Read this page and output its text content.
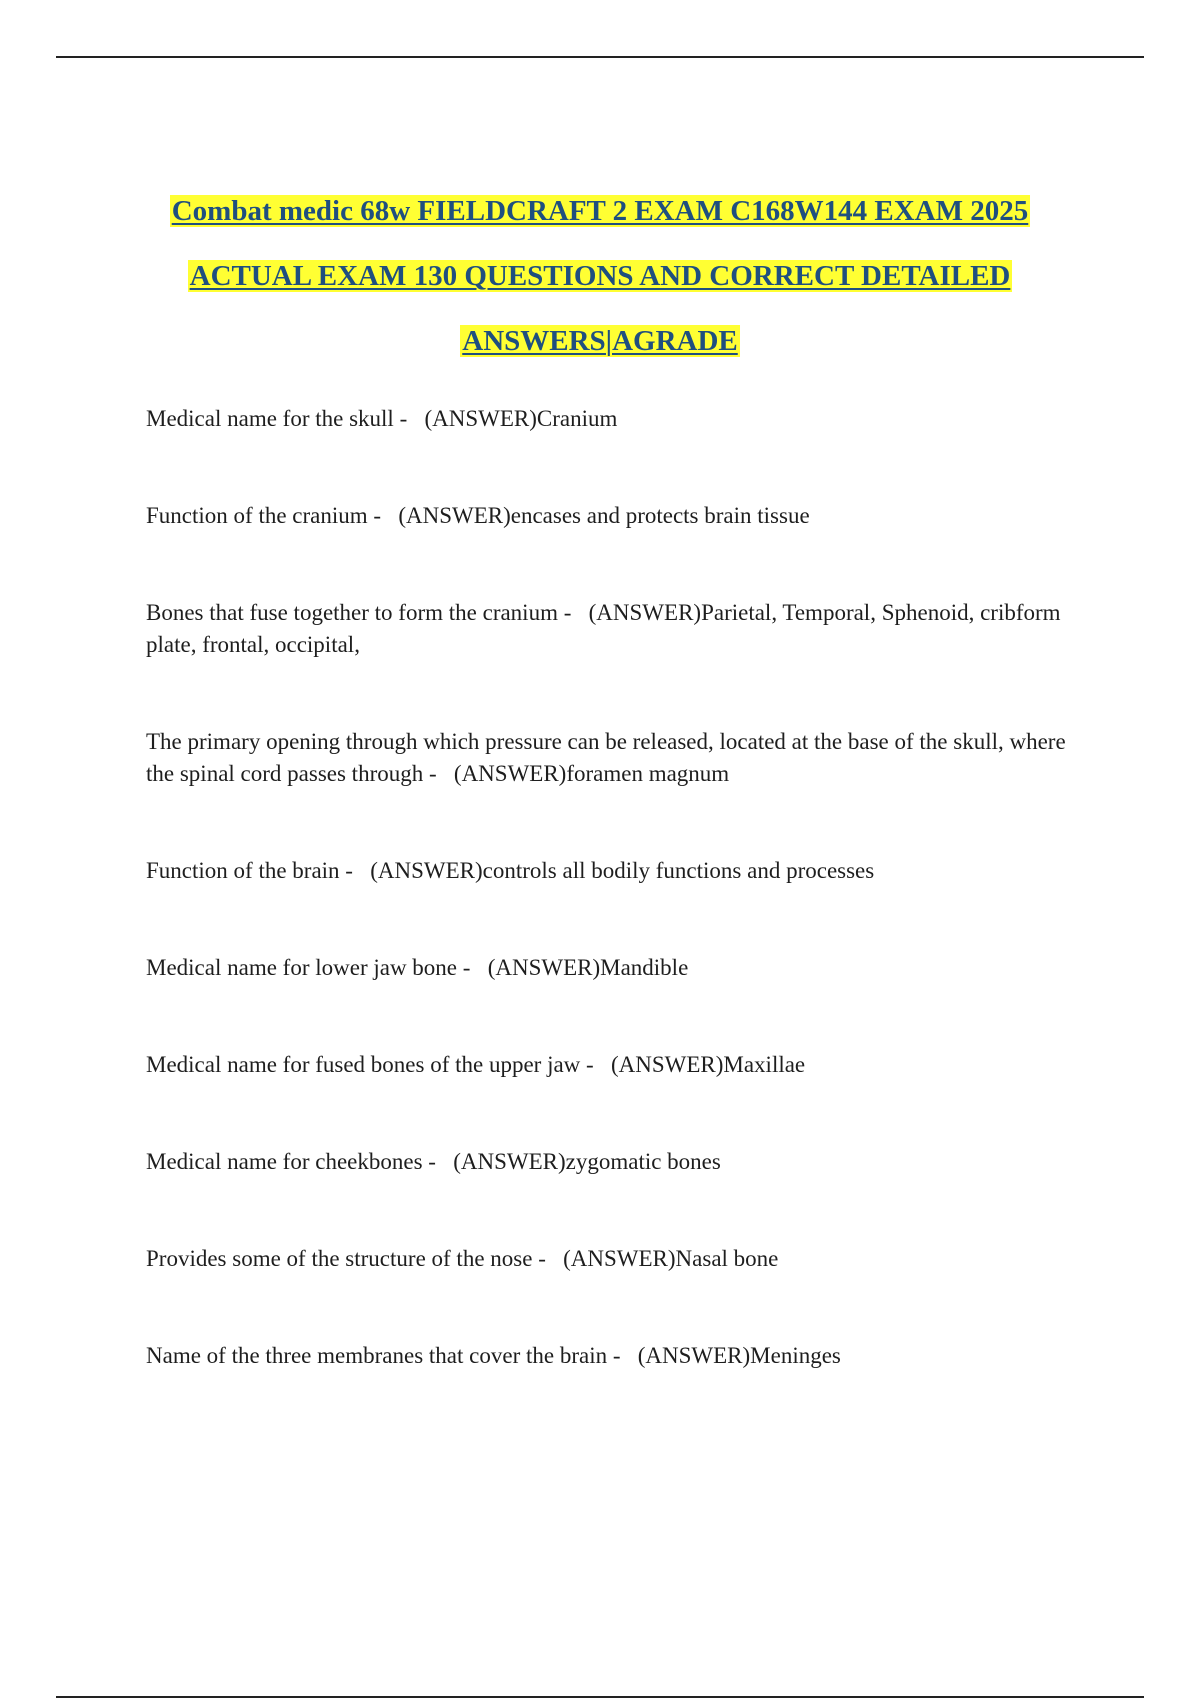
Combat medic 68w FIELDCRAFT 2 EXAM C168W144 EXAM 2025
ACTUAL EXAM 130 QUESTIONS AND CORRECT DETAILED
ANSWERS|AGRADE
Medical name for the skull -   (ANSWER)Cranium
Function of the cranium -   (ANSWER)encases and protects brain tissue
Bones that fuse together to form the cranium -   (ANSWER)Parietal, Temporal, Sphenoid, cribform plate, frontal, occipital,
The primary opening through which pressure can be released, located at the base of the skull, where the spinal cord passes through -   (ANSWER)foramen magnum
Function of the brain -   (ANSWER)controls all bodily functions and processes
Medical name for lower jaw bone -   (ANSWER)Mandible
Medical name for fused bones of the upper jaw -   (ANSWER)Maxillae
Medical name for cheekbones -   (ANSWER)zygomatic bones
Provides some of the structure of the nose -   (ANSWER)Nasal bone
Name of the three membranes that cover the brain -   (ANSWER)Meninges
